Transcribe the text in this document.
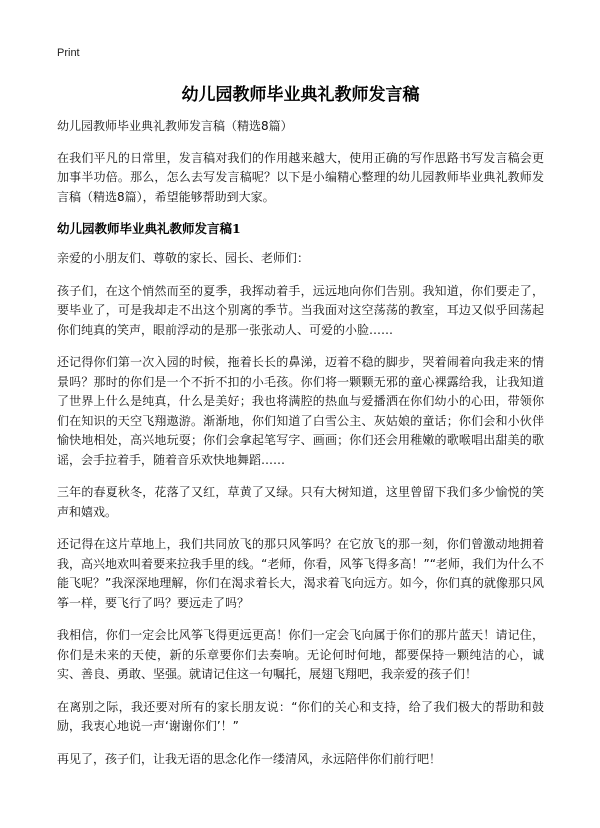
Print
幼儿园教师毕业典礼教师发言稿

幼儿园教师毕业典礼教师发言稿（精选8篇）

在我们平凡的日常里，发言稿对我们的作用越来越大，使用正确的写作思路书写发言稿会更加事半功倍。那么，怎么去写发言稿呢？以下是小编精心整理的幼儿园教师毕业典礼教师发言稿（精选8篇），希望能够帮助到大家。

幼儿园教师毕业典礼教师发言稿1

亲爱的小朋友们、尊敬的家长、园长、老师们：

孩子们，在这个悄然而至的夏季，我挥动着手，远远地向你们告别。我知道，你们要走了，要毕业了，可是我却走不出这个别离的季节。当我面对这空荡荡的教室，耳边又似乎回荡起你们纯真的笑声，眼前浮动的是那一张张动人、可爱的小脸……

还记得你们第一次入园的时候，拖着长长的鼻涕，迈着不稳的脚步，哭着闹着向我走来的情景吗？那时的你们是一个不折不扣的小毛孩。你们将一颗颗无邪的童心裸露给我，让我知道了世界上什么是纯真，什么是美好；我也将满腔的热血与爱播洒在你们幼小的心田，带领你们在知识的天空飞翔遨游。渐渐地，你们知道了白雪公主、灰姑娘的童话；你们会和小伙伴愉快地相处，高兴地玩耍；你们会拿起笔写字、画画；你们还会用稚嫩的歌喉唱出甜美的歌谣，会手拉着手，随着音乐欢快地舞蹈……

三年的春夏秋冬，花落了又红，草黄了又绿。只有大树知道，这里曾留下我们多少愉悦的笑声和嬉戏。

还记得在这片草地上，我们共同放飞的那只风筝吗？在它放飞的那一刻，你们曾激动地拥着我，高兴地欢叫着要来拉我手里的线。“老师，你看，风筝飞得多高！”“老师，我们为什么不能飞呢？”我深深地理解，你们在渴求着长大，渴求着飞向远方。如今，你们真的就像那只风筝一样，要飞行了吗？要远走了吗？

我相信，你们一定会比风筝飞得更远更高！你们一定会飞向属于你们的那片蓝天！请记住，你们是未来的天使，新的乐章要你们去奏响。无论何时何地，都要保持一颗纯洁的心，诚实、善良、勇敢、坚强。就请记住这一句嘱托，展翅飞翔吧，我亲爱的孩子们！

在离别之际，我还要对所有的家长朋友说：“你们的关心和支持，给了我们极大的帮助和鼓励，我衷心地说一声‘谢谢你们’！”

再见了，孩子们，让我无语的思念化作一缕清风，永远陪伴你们前行吧！
